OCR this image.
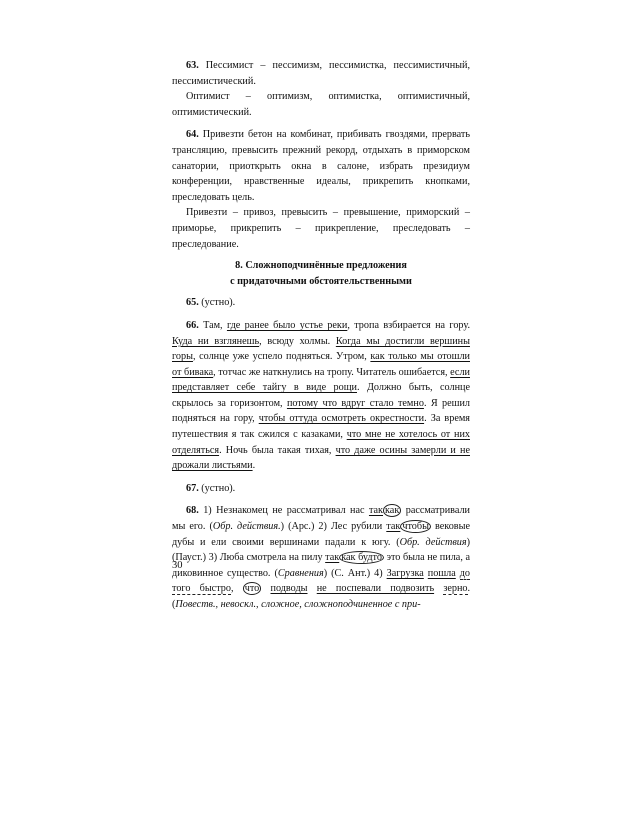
63. Пессимист – пессимизм, пессимистка, пессимистичный, пессимистический.

Оптимист – оптимизм, оптимистка, оптимистичный, оптимистический.

64. Привезти бетон на комбинат, прибивать гвоздями, прервать трансляцию, превысить прежний рекорд, отдыхать в приморском санатории, приоткрыть окна в салоне, избрать президиум конференции, нравственные идеалы, прикрепить кнопками, преследовать цель.

Привезти – привоз, превысить – превышение, приморский – приморье, прикрепить – прикрепление, преследовать – преследование.

8. Сложноподчинённые предложения
с придаточными обстоятельственными

65. (устно).

66. Там, где ранее было устье реки, тропа взбирается на гору. Куда ни взглянешь, всюду холмы. Когда мы достигли вершины горы, солнце уже успело подняться. Утром, как только мы отошли от бивака, тотчас же наткнулись на тропу. Читатель ошибается, если представляет себе тайгу в виде рощи. Должно быть, солнце скрылось за горизонтом, потому что вдруг стало темно. Я решил подняться на гору, чтобы оттуда осмотреть окрестности. За время путешествия я так сжился с казаками, что мне не хотелось от них отделяться. Ночь была такая тихая, что даже осины замерли и не дрожали листьями.

67. (устно).

68. 1) Незнакомец не рассматривал нас так как рассматривали мы его. (Обр. действия.) (Арс.) 2) Лес рубили так чтобы вековые дубы и ели своими вершинами падали к югу. (Обр. действия) (Пауст.) 3) Люба смотрела на пилу так как будто это была не пила, а диковинное существо. (Сравнения) (С. Ант.) 4) Загрузка пошла до того быстро, что подводы не поспевали подвозить зерно. (Повеств., невоскл., сложное, сложноподчиненное с при-

30
